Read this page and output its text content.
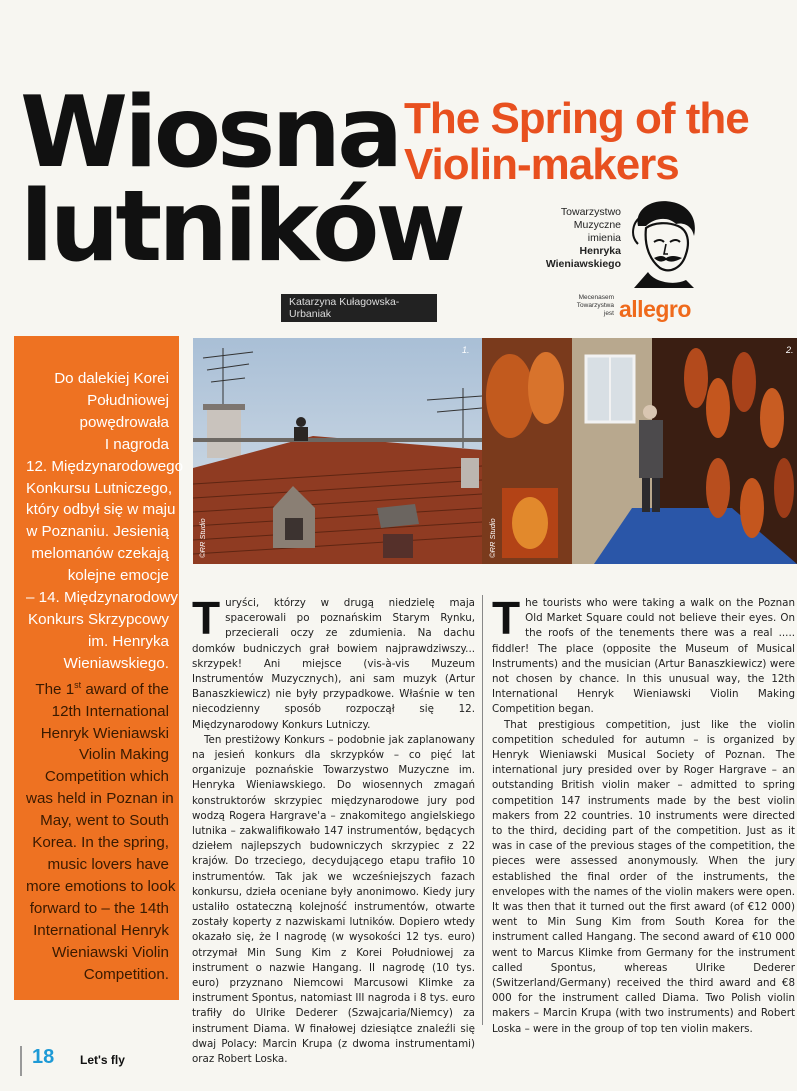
Wiosna
lutników
The Spring of the
Violin-makers
Katarzyna Kułagowska-Urbaniak
Towarzystwo
Muzyczne
imienia
Henryka
Wieniawskiego
Mecenasem
Towarzystwa
jest allegro
Do dalekiej Korei
Południowej
powędrowała
I nagroda
12. Międzynarodowego
Konkursu Lutniczego,
który odbył się w maju
w Poznaniu. Jesienią
melomanów czekają
kolejne emocje
– 14. Międzynarodowy
Konkurs Skrzypcowy
im. Henryka
Wieniawskiego.
The 1st award of the
12th International
Henryk Wieniawski
Violin Making
Competition which
was held in Poznan in
May, went to South
Korea. In the spring,
music lovers have
more emotions to look
forward to – the 14th
International Henryk
Wieniawski Violin
Competition.
1.
©RR Studio
2.
©RR Studio

Turyści, którzy w drugą niedzielę maja spacerowali po poznańskim Starym Rynku, przecierali oczy ze zdumienia. Na dachu domków budniczych grał bowiem najprawdziwszy... skrzypek! Ani miejsce (vis-à-vis Muzeum Instrumentów Muzycznych), ani sam muzyk (Artur Banaszkiewicz) nie były przypadkowe. Właśnie w ten niecodzienny sposób rozpoczął się 12. Międzynarodowy Konkurs Lutniczy.

Ten prestiżowy Konkurs – podobnie jak zaplanowany na jesień konkurs dla skrzypków – co pięć lat organizuje poznańskie Towarzystwo Muzyczne im. Henryka Wieniawskiego. Do wiosennych zmagań konstruktorów skrzypiec międzynarodowe jury pod wodzą Rogera Hargrave'a – znakomitego angielskiego lutnika – zakwalifikowało 147 instrumentów, będących dziełem najlepszych budowniczych skrzypiec z 22 krajów. Do trzeciego, decydującego etapu trafiło 10 instrumentów. Tak jak we wcześniejszych fazach konkursu, dzieła oceniane były anonimowo. Kiedy jury ustaliło ostateczną kolejność instrumentów, otwarte zostały koperty z nazwiskami lutników. Dopiero wtedy okazało się, że I nagrodę (w wysokości 12 tys. euro) otrzymał Min Sung Kim z Korei Południowej za instrument o nazwie Hangang. II nagrodę (10 tys. euro) przyznano Niemcowi Marcusowi Klimke za instrument Spontus, natomiast III nagroda i 8 tys. euro trafiły do Ulrike Dederer (Szwajcaria/Niemcy) za instrument Diama. W finałowej dziesiątce znaleźli się dwaj Polacy: Marcin Krupa (z dwoma instrumentami) oraz Robert Loska.

The tourists who were taking a walk on the Poznan Old Market Square could not believe their eyes. On the roofs of the tenements there was a real ..... fiddler! The place (opposite the Museum of Musical Instruments) and the musician (Artur Banaszkiewicz) were not chosen by chance. In this unusual way, the 12th International Henryk Wieniawski Violin Making Competition began.

That prestigious competition, just like the violin competition scheduled for autumn – is organized by Henryk Wieniawski Musical Society of Poznan. The international jury presided over by Roger Hargrave – an outstanding British violin maker – admitted to spring competition 147 instruments made by the best violin makers from 22 countries. 10 instruments were directed to the third, deciding part of the competition. Just as it was in case of the previous stages of the competition, the pieces were assessed anonymously. When the jury established the final order of the instruments, the envelopes with the names of the violin makers were open. It was then that it turned out the first award (of €12 000) went to Min Sung Kim from South Korea for the instrument called Hangang. The second award of €10 000 went to Marcus Klimke from Germany for the instrument called Spontus, whereas Ulrike Dederer (Switzerland/Germany) received the third award and €8 000 for the instrument called Diama. Two Polish violin makers – Marcin Krupa (with two instruments) and Robert Loska – were in the group of top ten violin makers.

18 Let's fly
